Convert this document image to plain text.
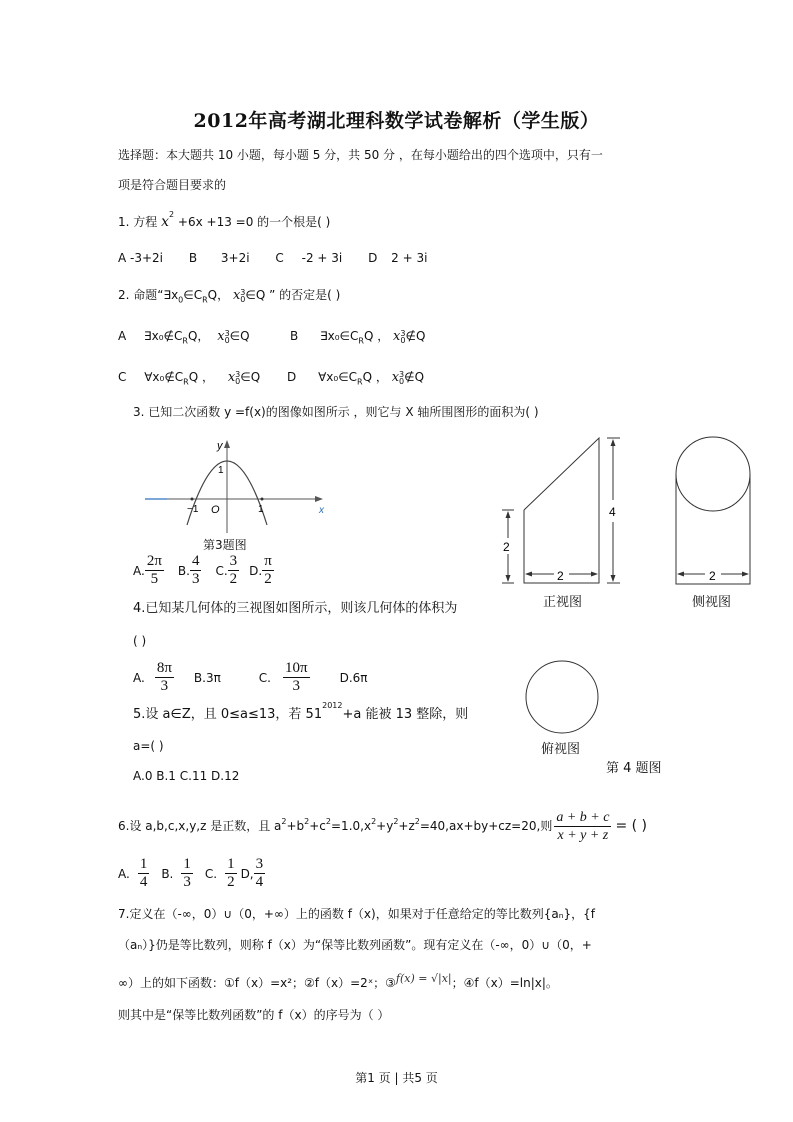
2012年高考湖北理科数学试卷解析（学生版）
选择题：本大题共 10 小题，每小题 5 分，共 50 分 ，在每小题给出的四个选项中，只有一
项是符合题目要求的
1. 方程 $x^2 +6x +13 =0$ 的一个根是( )
A -3+2i B 3+2i C -2 + 3i D 2 + 3i
2. 命题“$\exists x_0\in C_RQ$， x 3
0 ∈Q ” 的否定是( )
A $\exists x_0\notin C_RQ$， x 3
0 ∈Q	B $\exists x_0\in C_RQ$ ， x 3
0 ∉Q
C $\forall x_0\notin C_RQ$ ， x 3
0 ∈Q D $\forall x_0\in C_RQ$ ， x 3
0 ∉Q
3. 已知二次函数 y =f(x)的图像如图所示 ，则它与 X 轴所围图形的面积为( )
y
1
−1 O	1	x
第3题图
A. $\frac{2\pi}{5} B$. $\frac{4}{3} C$. $\frac{3}{2} D$. $\frac{\pi}{2}$
2
2
4
2
正视图	侧视图
俯视图
第 4 题图
4.已知某几何体的三视图如图所示，则该几何体的体积为
( )
A. $\frac{8\pi}{3} B.3\pi$	C. $\frac{10\pi}{3}$	D.6π
5.设 a∈Z，且 0≤a≤13，若 $51^{2012}+a$ 能被 13 整除，则
a=( )
A.0 B.1 C.11 D.12
6.设 a,b,c,x,y,z 是正数，且 $a^2 +b^2 +c^2 =1.0,x^2 +y^2 +z^2 =40,ax+by+cz=20$,则 $\frac{a + b + c}{x + y + z}$ = ( )
A. $\frac{1}{4} B$. $\frac{1}{3} C$. $\frac{1}{2} D$, $\frac{3}{4}$
7.定义在（-∞，0）∪（0，+∞）上的函数 f（x)，如果对于任意给定的等比数列{aₙ}，{f
（aₙ）}仍是等比数列，则称 f（x）为“保等比数列函数”。现有定义在（-∞，0）∪（0，+
∞）上的如下函数：①f（x）=x²；②f（x）=2ˣ；③f(x) = √|x|；④f（x）=ln|x|。
则其中是“保等比数列函数”的 f（x）的序号为（ ）
第1 页 | 共5 页
